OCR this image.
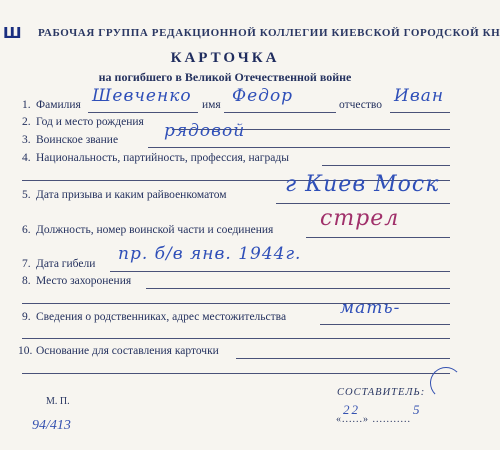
Ш РАБОЧАЯ ГРУППА РЕДАКЦИОННОЙ КОЛЛЕГИИ КИЕВСКОЙ ГОРОДСКОЙ КН
КАРТОЧКА
на погибшего в Великой Отечественной войне
1. Фамилия Шевченко имя Федор	отчество Иван
2. Год и место рождения
3. Воинское звание	рядовой
4. Национальность, партийность, профессия, награды
5. Дата призыва и каким райвоенкоматом	г Киев Моск
6. Должность, номер воинской части и соединения стрел
7. Дата гибели пр. б/в янв. 1944г.
8. Место захоронения
9. Сведения о родственниках, адрес местожительства	мать-
10. Основание для составления карточки
СОСТАВИТЕЛЬ:
М. П.
22	5
«......» ...........
94/413
